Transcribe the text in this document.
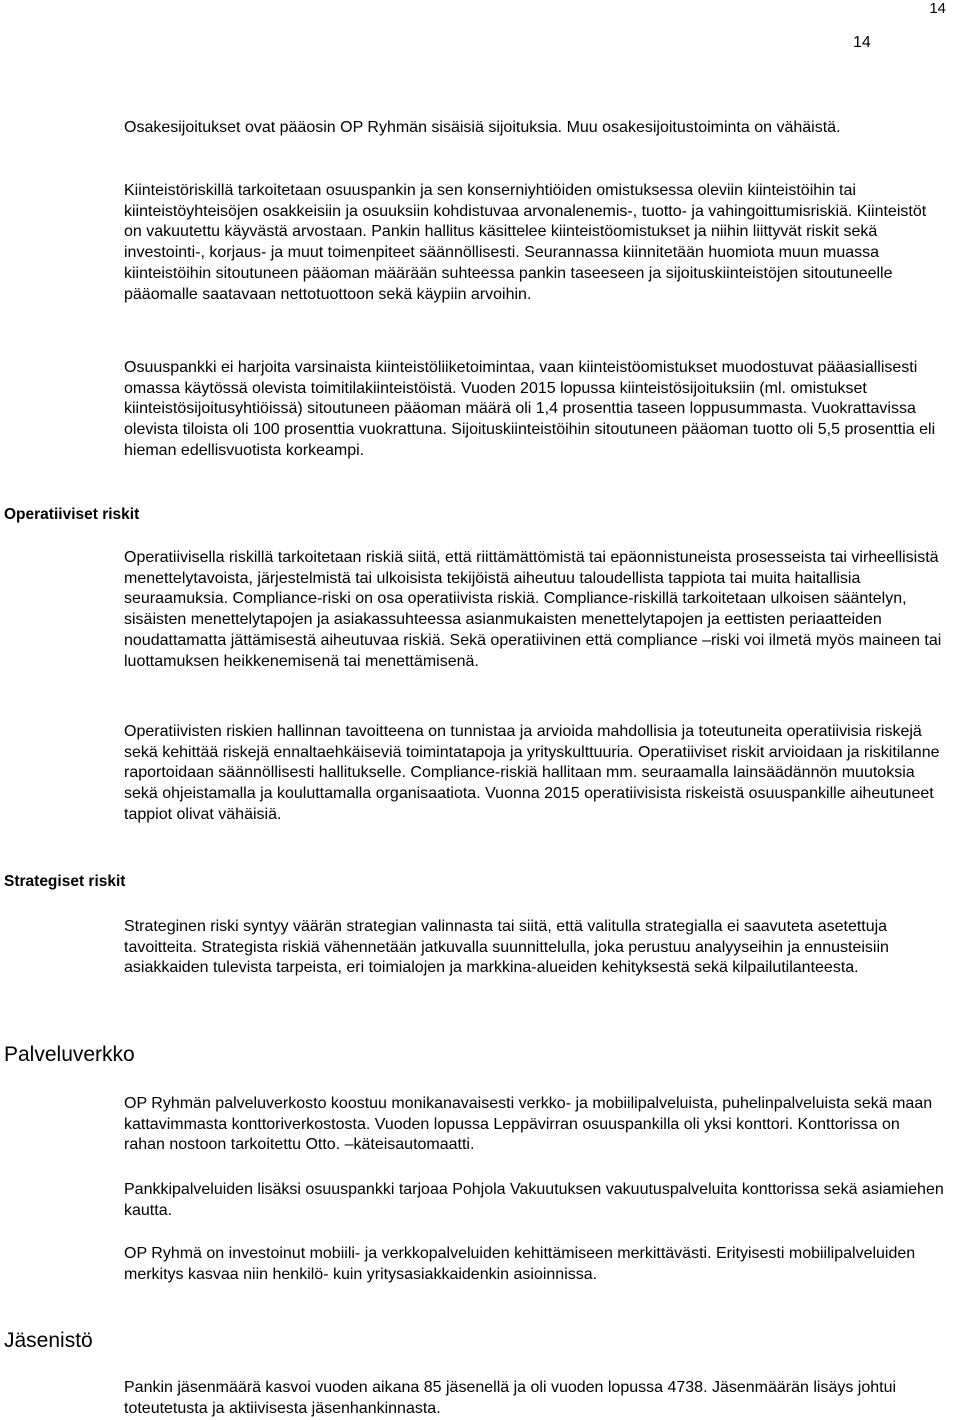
14
14

Osakesijoitukset ovat pääosin OP Ryhmän sisäisiä sijoituksia. Muu osakesijoitustoiminta on vähäistä.

Kiinteistöriskillä tarkoitetaan osuuspankin ja sen konserniyhtiöiden omistuksessa oleviin kiinteistöihin tai kiinteistöyhteisöjen osakkeisiin ja osuuksiin kohdistuvaa arvonalenemis-, tuotto- ja vahingoittumisriskiä. Kiinteistöt on vakuutettu käyvästä arvostaan. Pankin hallitus käsittelee kiinteistöomistukset ja niihin liittyvät riskit sekä investointi-, korjaus- ja muut toimenpiteet säännöllisesti. Seurannassa kiinnitetään huomiota muun muassa kiinteistöihin sitoutuneen pääoman määrään suhteessa pankin taseeseen ja sijoituskiinteistöjen sitoutuneelle pääomalle saatavaan nettotuottoon sekä käypiin arvoihin.

Osuuspankki ei harjoita varsinaista kiinteistöliiketoimintaa, vaan kiinteistöomistukset muodostuvat pääasiallisesti omassa käytössä olevista toimitilakiinteistöistä. Vuoden 2015 lopussa kiinteistösijoituksiin (ml. omistukset kiinteistösijoitusyhtiöissä) sitoutuneen pääoman määrä oli 1,4 prosenttia taseen loppusummasta. Vuokrattavissa olevista tiloista oli 100 prosenttia vuokrattuna. Sijoituskiinteistöihin sitoutuneen pääoman tuotto oli 5,5 prosenttia eli hieman edellisvuotista korkeampi.

Operatiiviset riskit

Operatiivisella riskillä tarkoitetaan riskiä siitä, että riittämättömistä tai epäonnistuneista prosesseista tai virheellisistä menettelytavoista, järjestelmistä tai ulkoisista tekijöistä aiheutuu taloudellista tappiota tai muita haitallisia seuraamuksia. Compliance-riski on osa operatiivista riskiä. Compliance-riskillä tarkoitetaan ulkoisen sääntelyn, sisäisten menettelytapojen ja asiakassuhteessa asianmukaisten menettelytapojen ja eettisten periaatteiden noudattamatta jättämisestä aiheutuvaa riskiä. Sekä operatiivinen että compliance –riski voi ilmetä myös maineen tai luottamuksen heikkenemisenä tai menettämisenä.

Operatiivisten riskien hallinnan tavoitteena on tunnistaa ja arvioida mahdollisia ja toteutuneita operatiivisia riskejä sekä kehittää riskejä ennaltaehkäiseviä toimintatapoja ja yrityskulttuuria. Operatiiviset riskit arvioidaan ja riskitilanne raportoidaan säännöllisesti hallitukselle. Compliance-riskiä hallitaan mm. seuraamalla lainsäädännön muutoksia sekä ohjeistamalla ja kouluttamalla organisaatiota. Vuonna 2015 operatiivisista riskeistä osuuspankille aiheutuneet tappiot olivat vähäisiä.

Strategiset riskit

Strateginen riski syntyy väärän strategian valinnasta tai siitä, että valitulla strategialla ei saavuteta asetettuja tavoitteita. Strategista riskiä vähennetään jatkuvalla suunnittelulla, joka perustuu analyyseihin ja ennusteisiin asiakkaiden tulevista tarpeista, eri toimialojen ja markkina-alueiden kehityksestä sekä kilpailutilanteesta.

Palveluverkko

OP Ryhmän palveluverkosto koostuu monikanavaisesti verkko- ja mobiilipalveluista, puhelinpalveluista sekä maan kattavimmasta konttoriverkostosta. Vuoden lopussa Leppävirran osuuspankilla oli yksi konttori. Konttorissa on rahan nostoon tarkoitettu Otto. –käteisautomaatti.

Pankkipalveluiden lisäksi osuuspankki tarjoaa Pohjola Vakuutuksen vakuutuspalveluita konttorissa sekä asiamiehen kautta.

OP Ryhmä on investoinut mobiili- ja verkkopalveluiden kehittämiseen merkittävästi. Erityisesti mobiilipalveluiden merkitys kasvaa niin henkilö- kuin yritysasiakkaidenkin asioinnissa.

Jäsenistö

Pankin jäsenmäärä kasvoi vuoden aikana 85 jäsenellä ja oli vuoden lopussa 4738. Jäsenmäärän lisäys johtui toteutetusta ja aktiivisesta jäsenhankinnasta.
